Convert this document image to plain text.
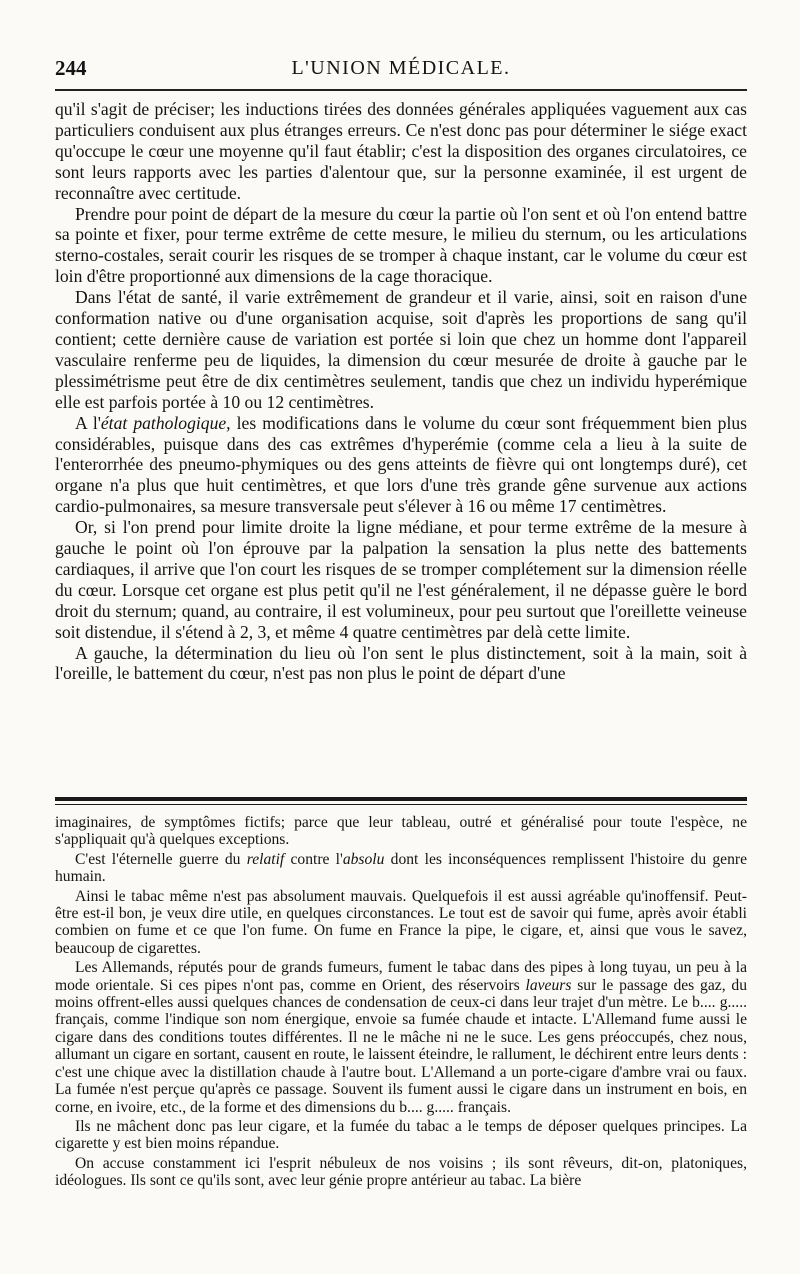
244	L'UNION MÉDICALE.

qu'il s'agit de préciser; les inductions tirées des données générales appliquées vaguement aux cas particuliers conduisent aux plus étranges erreurs. Ce n'est donc pas pour déterminer le siége exact qu'occupe le cœur une moyenne qu'il faut établir; c'est la disposition des organes circulatoires, ce sont leurs rapports avec les parties d'alentour que, sur la personne examinée, il est urgent de reconnaître avec certitude.

Prendre pour point de départ de la mesure du cœur la partie où l'on sent et où l'on entend battre sa pointe et fixer, pour terme extrême de cette mesure, le milieu du sternum, ou les articulations sterno-costales, serait courir les risques de se tromper à chaque instant, car le volume du cœur est loin d'être proportionné aux dimensions de la cage thoracique.

Dans l'état de santé, il varie extrêmement de grandeur et il varie, ainsi, soit en raison d'une conformation native ou d'une organisation acquise, soit d'après les proportions de sang qu'il contient; cette dernière cause de variation est portée si loin que chez un homme dont l'appareil vasculaire renferme peu de liquides, la dimension du cœur mesurée de droite à gauche par le plessimétrisme peut être de dix centimètres seulement, tandis que chez un individu hyperémique elle est parfois portée à 10 ou 12 centimètres.

A l'état pathologique, les modifications dans le volume du cœur sont fréquemment bien plus considérables, puisque dans des cas extrêmes d'hyperémie (comme cela a lieu à la suite de l'enterorrhée des pneumo-phymiques ou des gens atteints de fièvre qui ont longtemps duré), cet organe n'a plus que huit centimètres, et que lors d'une très grande gêne survenue aux actions cardio-pulmonaires, sa mesure transversale peut s'élever à 16 ou même 17 centimètres.

Or, si l'on prend pour limite droite la ligne médiane, et pour terme extrême de la mesure à gauche le point où l'on éprouve par la palpation la sensation la plus nette des battements cardiaques, il arrive que l'on court les risques de se tromper complétement sur la dimension réelle du cœur. Lorsque cet organe est plus petit qu'il ne l'est généralement, il ne dépasse guère le bord droit du sternum; quand, au contraire, il est volumineux, pour peu surtout que l'oreillette veineuse soit distendue, il s'étend à 2, 3, et même 4 quatre centimètres par delà cette limite.

A gauche, la détermination du lieu où l'on sent le plus distinctement, soit à la main, soit à l'oreille, le battement du cœur, n'est pas non plus le point de départ d'une

imaginaires, de symptômes fictifs; parce que leur tableau, outré et généralisé pour toute l'espèce, ne s'appliquait qu'à quelques exceptions.

C'est l'éternelle guerre du relatif contre l'absolu dont les inconséquences remplissent l'histoire du genre humain.

Ainsi le tabac même n'est pas absolument mauvais. Quelquefois il est aussi agréable qu'inoffensif. Peut-être est-il bon, je veux dire utile, en quelques circonstances. Le tout est de savoir qui fume, après avoir établi combien on fume et ce que l'on fume. On fume en France la pipe, le cigare, et, ainsi que vous le savez, beaucoup de cigarettes.

Les Allemands, réputés pour de grands fumeurs, fument le tabac dans des pipes à long tuyau, un peu à la mode orientale. Si ces pipes n'ont pas, comme en Orient, des réservoirs laveurs sur le passage des gaz, du moins offrent-elles aussi quelques chances de condensation de ceux-ci dans leur trajet d'un mètre. Le b.... g..... français, comme l'indique son nom énergique, envoie sa fumée chaude et intacte. L'Allemand fume aussi le cigare dans des conditions toutes différentes. Il ne le mâche ni ne le suce. Les gens préoccupés, chez nous, allumant un cigare en sortant, causent en route, le laissent éteindre, le rallument, le déchirent entre leurs dents : c'est une chique avec la distillation chaude à l'autre bout. L'Allemand a un porte-cigare d'ambre vrai ou faux. La fumée n'est perçue qu'après ce passage. Souvent ils fument aussi le cigare dans un instrument en bois, en corne, en ivoire, etc., de la forme et des dimensions du b.... g..... français.

Ils ne mâchent donc pas leur cigare, et la fumée du tabac a le temps de déposer quelques principes. La cigarette y est bien moins répandue.

On accuse constamment ici l'esprit nébuleux de nos voisins ; ils sont rêveurs, dit-on, platoniques, idéologues. Ils sont ce qu'ils sont, avec leur génie propre antérieur au tabac. La bière
